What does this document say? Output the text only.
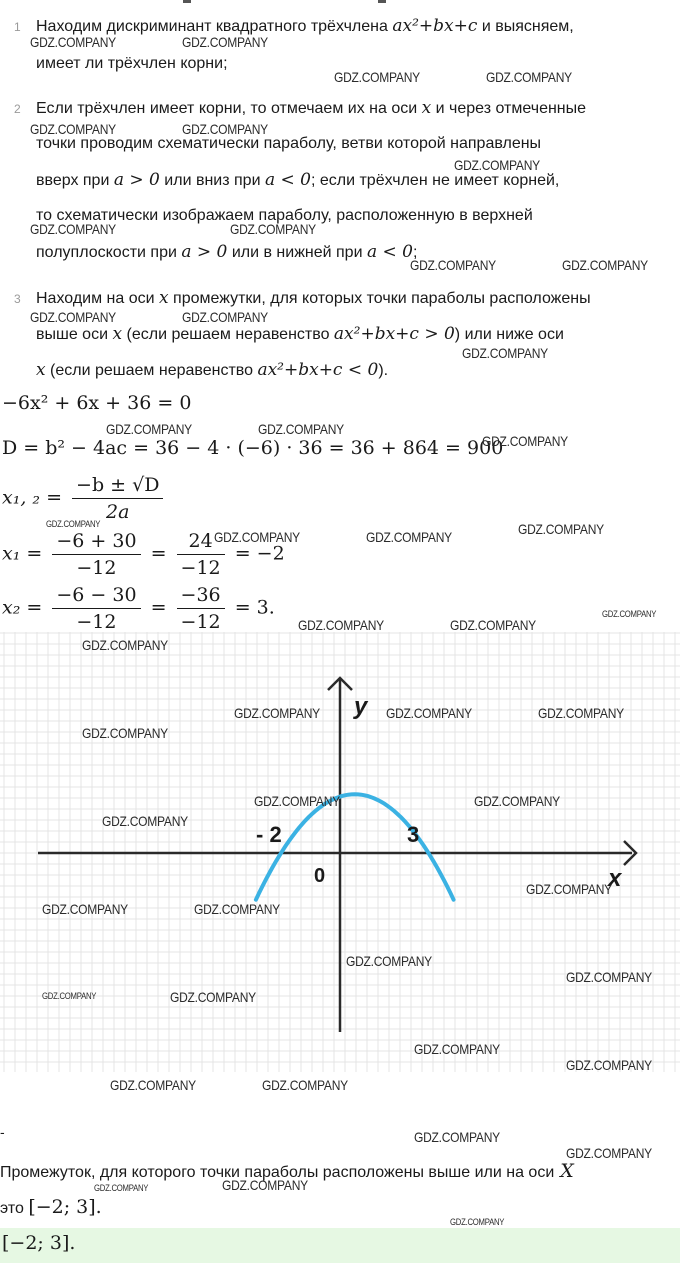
1 Находим дискриминант квадратного трёхчлена ax²+bx+c и выясняем,
имеет ли трёхчлен корни;
2 Если трёхчлен имеет корни, то отмечаем их на оси x и через отмеченные
точки проводим схематически параболу, ветви которой направлены
вверх при a > 0 или вниз при a < 0; если трёхчлен не имеет корней,
то схематически изображаем параболу, расположенную в верхней
полуплоскости при a > 0 или в нижней при a < 0;
3 Находим на оси x промежутки, для которых точки параболы расположены
выше оси x (если решаем неравенство ax²+bx+c > 0) или ниже оси
x (если решаем неравенство ax²+bx+c < 0).
−6x² + 6x + 36 = 0
D = b² − 4ac = 36 − 4 · (−6) · 36 = 36 + 864 = 900
x₁, $_2 = \frac{-b \pm √D}{2a}$
$x_1 = \frac{-6 + 30}{-12} = \frac{24}{-12} = -2$
$x_2 = \frac{-6 - 30}{-12} = \frac{-36}{-12} = 3$.
y
x
0
- 2	3
-
Промежуток, для которого точки параболы расположены выше или на оси X
это [−2; 3].
[−2; 3].
GDZ.COMPANY	GDZ.COMPANY
GDZ.COMPANY	GDZ.COMPANY
GDZ.COMPANY	GDZ.COMPANY
GDZ.COMPANY
GDZ.COMPANY	GDZ.COMPANY
GDZ.COMPANY	GDZ.COMPANY
GDZ.COMPANY	GDZ.COMPANY
GDZ.COMPANY
GDZ.COMPANY	GDZ.COMPANY
GDZ.COMPANY
GDZ.COMPANY	GDZ.COMPANY	GDZ.COMPANY
GDZ.COMPANY	GDZ.COMPANY
GDZ.COMPANY
GDZ.COMPANY	GDZ.COMPANY	GDZ.COMPANY
GDZ.COMPANY
GDZ.COMPANY	GDZ.COMPANY
GDZ.COMPANY
GDZ.COMPANY
GDZ.COMPANY	GDZ.COMPANY
GDZ.COMPANY
GDZ.COMPANY
GDZ.COMPANY
GDZ.COMPANY
GDZ.COMPANY
GDZ.COMPANY	GDZ.COMPANY
GDZ.COMPANY
GDZ.COMPANY
GDZ.COMPANY
GDZ.COMPANY
GDZ.COMPANY
GDZ.COMPANY
GDZ.COMPANY
GDZ.COMPANY
